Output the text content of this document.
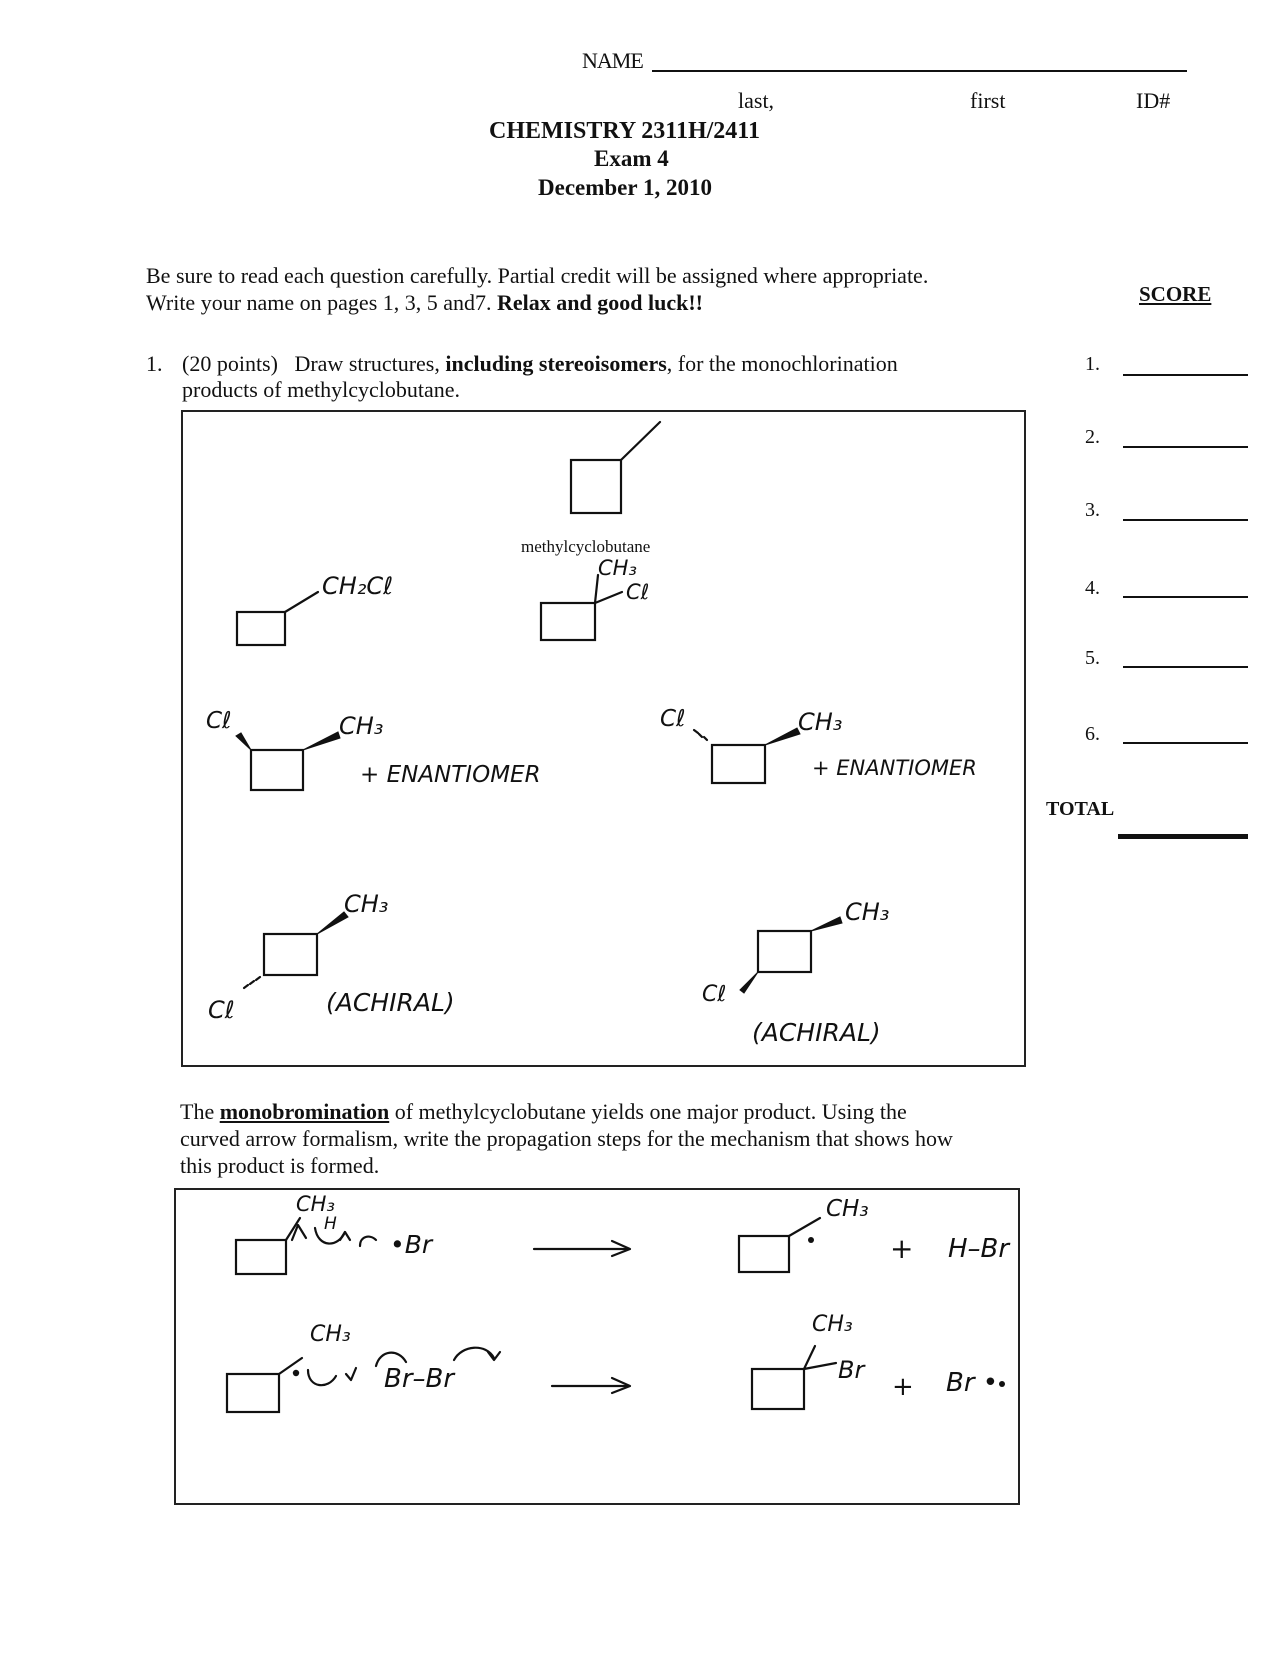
NAME
last,	first	ID#
CHEMISTRY 2311H/2411
Exam 4
December 1, 2010
Be sure to read each question carefully. Partial credit will be assigned where appropriate.
Write your name on pages 1, 3, 5 and7. Relax and good luck!!	SCORE
1.
2.
3.
4.
5.
6.
TOTAL
1. (20 points) Draw structures, including stereoisomers, for the monochlorination
products of methylcyclobutane.
methylcyclobutane
CH₂Cℓ
CH₃
Cℓ
Cℓ	CH₃
+ ENANTIOMER
Cℓ	CH₃
+ ENANTIOMER
CH₃
Cℓ	(ACHIRAL)
CH₃
Cℓ
(ACHIRAL)
The monobromination of methylcyclobutane yields one major product. Using the
curved arrow formalism, write the propagation steps for the mechanism that shows how
this product is formed.
CH₃
H
•Br
CH₃
+ H–Br
CH₃
Br–Br
CH₃
Br
+ Br •
